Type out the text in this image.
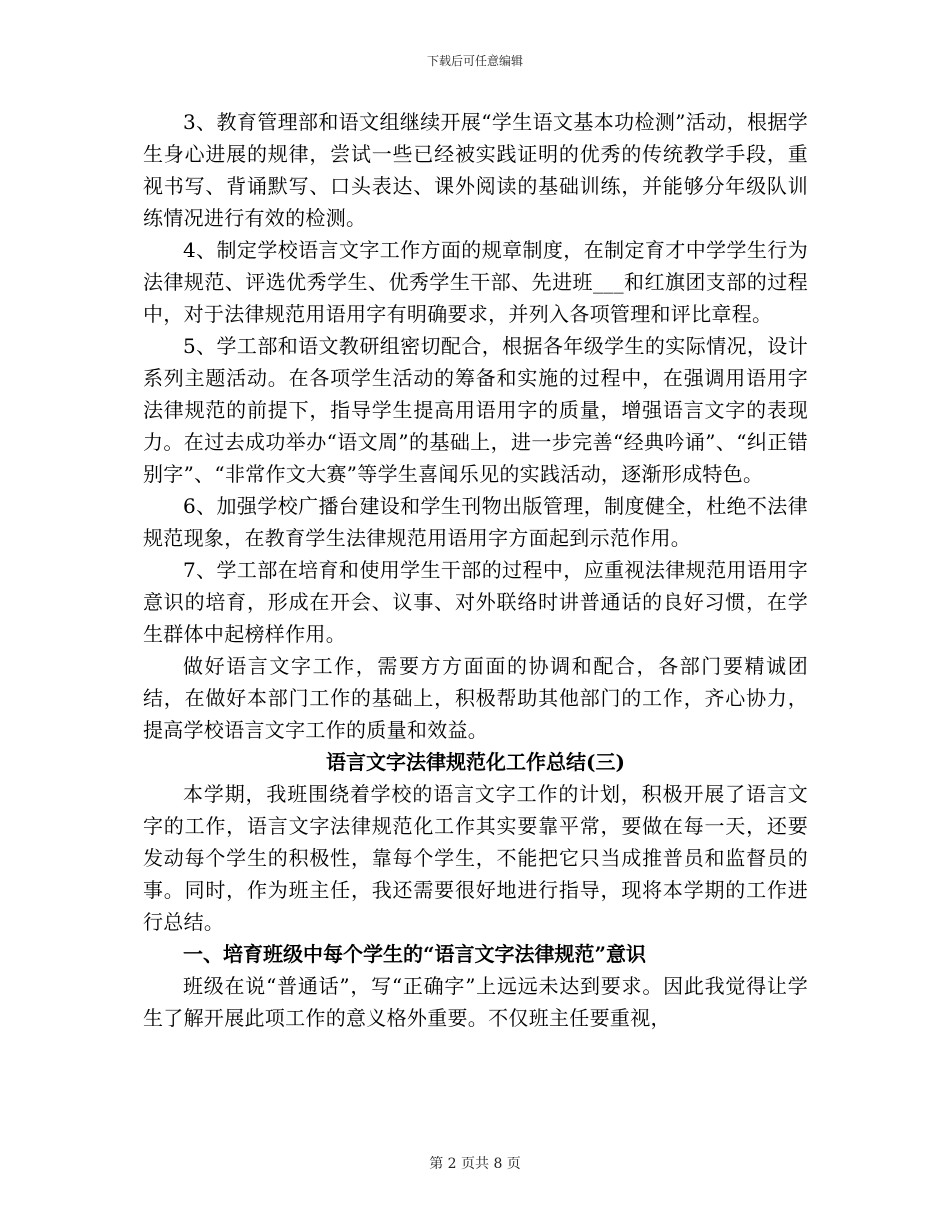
下载后可任意编辑

3、教育管理部和语文组继续开展“学生语文基本功检测”活动，根据学生身心进展的规律，尝试一些已经被实践证明的优秀的传统教学手段，重视书写、背诵默写、口头表达、课外阅读的基础训练，并能够分年级队训练情况进行有效的检测。

4、制定学校语言文字工作方面的规章制度，在制定育才中学学生行为法律规范、评选优秀学生、优秀学生干部、先进班___和红旗团支部的过程中，对于法律规范用语用字有明确要求，并列入各项管理和评比章程。

5、学工部和语文教研组密切配合，根据各年级学生的实际情况，设计系列主题活动。在各项学生活动的筹备和实施的过程中，在强调用语用字法律规范的前提下，指导学生提高用语用字的质量，增强语言文字的表现力。在过去成功举办“语文周”的基础上，进一步完善“经典吟诵”、“纠正错别字”、“非常作文大赛”等学生喜闻乐见的实践活动，逐渐形成特色。

6、加强学校广播台建设和学生刊物出版管理，制度健全，杜绝不法律规范现象，在教育学生法律规范用语用字方面起到示范作用。

7、学工部在培育和使用学生干部的过程中，应重视法律规范用语用字意识的培育，形成在开会、议事、对外联络时讲普通话的良好习惯，在学生群体中起榜样作用。

做好语言文字工作，需要方方面面的协调和配合，各部门要精诚团结，在做好本部门工作的基础上，积极帮助其他部门的工作，齐心协力，提高学校语言文字工作的质量和效益。

语言文字法律规范化工作总结(三)

本学期，我班围绕着学校的语言文字工作的计划，积极开展了语言文字的工作，语言文字法律规范化工作其实要靠平常，要做在每一天，还要发动每个学生的积极性，靠每个学生，不能把它只当成推普员和监督员的事。同时，作为班主任，我还需要很好地进行指导，现将本学期的工作进行总结。

一、培育班级中每个学生的“语言文字法律规范”意识

班级在说“普通话”，写“正确字”上远远未达到要求。因此我觉得让学生了解开展此项工作的意义格外重要。不仅班主任要重视，

第 2 页共 8 页
